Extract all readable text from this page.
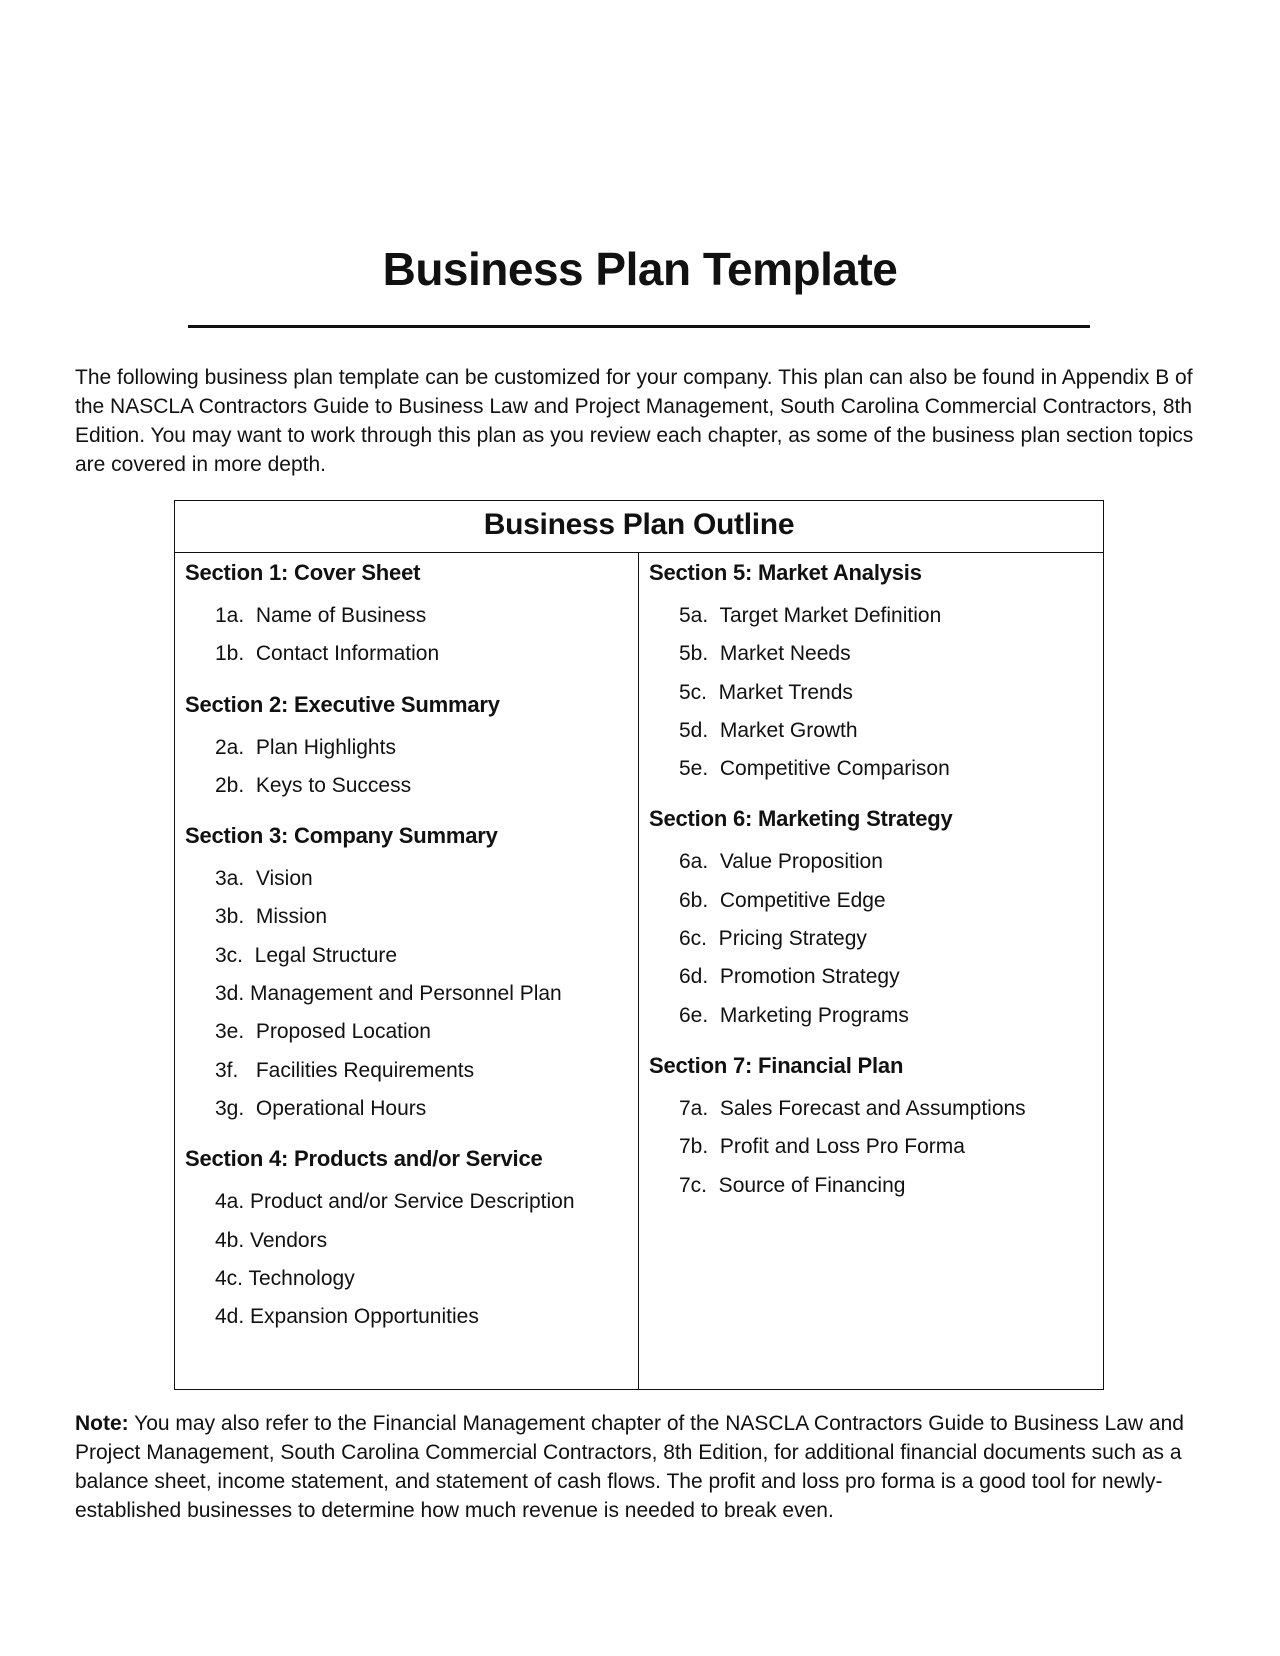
Business Plan Template

The following business plan template can be customized for your company. This plan can also be found in Appendix B of the NASCLA Contractors Guide to Business Law and Project Management, South Carolina Commercial Contractors, 8th Edition. You may want to work through this plan as you review each chapter, as some of the business plan section topics are covered in more depth.

Business Plan Outline
Section 1: Cover Sheet
1a.  Name of Business
1b.  Contact Information
Section 2: Executive Summary
2a.  Plan Highlights
2b.  Keys to Success
Section 3: Company Summary
3a.  Vision
3b.  Mission
3c.  Legal Structure
3d. Management and Personnel Plan
3e.  Proposed Location
3f.   Facilities Requirements
3g.  Operational Hours
Section 4: Products and/or Service
4a. Product and/or Service Description
4b. Vendors
4c. Technology
4d. Expansion Opportunities
Section 5: Market Analysis
5a.  Target Market Definition
5b.  Market Needs
5c.  Market Trends
5d.  Market Growth
5e.  Competitive Comparison
Section 6: Marketing Strategy
6a.  Value Proposition
6b.  Competitive Edge
6c.  Pricing Strategy
6d.  Promotion Strategy
6e.  Marketing Programs
Section 7: Financial Plan
7a.  Sales Forecast and Assumptions
7b.  Profit and Loss Pro Forma
7c.  Source of Financing

Note: You may also refer to the Financial Management chapter of the NASCLA Contractors Guide to Business Law and Project Management, South Carolina Commercial Contractors, 8th Edition, for additional financial documents such as a balance sheet, income statement, and statement of cash flows. The profit and loss pro forma is a good tool for newly-established businesses to determine how much revenue is needed to break even.
